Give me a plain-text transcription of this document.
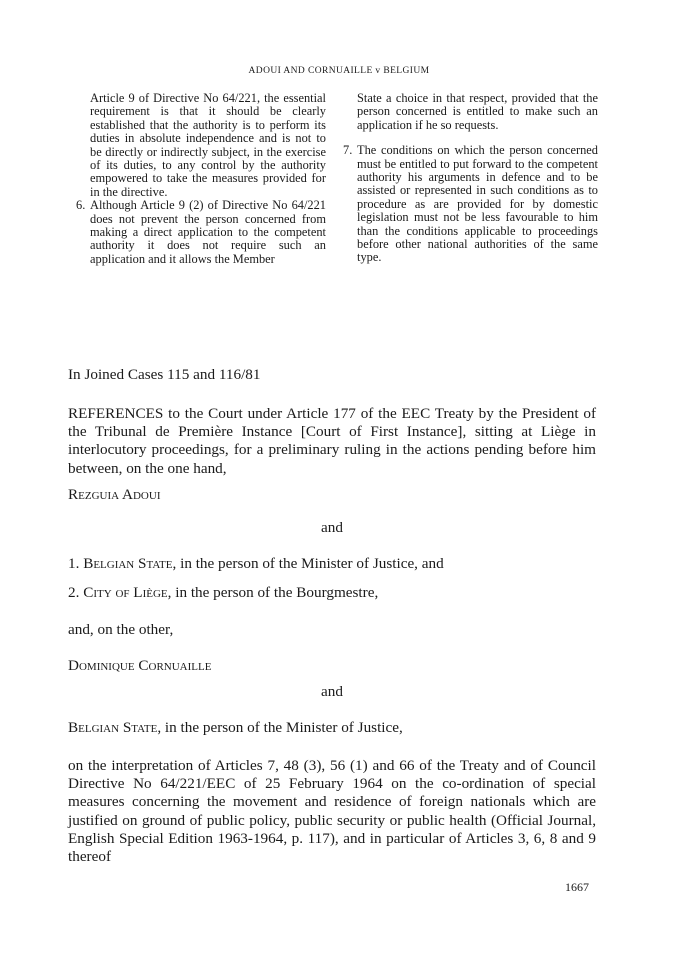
ADOUI AND CORNUAILLE v BELGIUM

Article 9 of Directive No 64/221, the essential requirement is that it should be clearly established that the authority is to perform its duties in absolute independence and is not to be directly or indirectly subject, in the exercise of its duties, to any control by the authority empowered to take the measures provided for in the directive.

6. Although Article 9 (2) of Directive No 64/221 does not prevent the person concerned from making a direct application to the competent authority it does not require such an application and it allows the Member

State a choice in that respect, provided that the person concerned is entitled to make such an application if he so requests.

7. The conditions on which the person concerned must be entitled to put forward to the competent authority his arguments in defence and to be assisted or represented in such conditions as to procedure as are provided for by domestic legislation must not be less favourable to him than the conditions applicable to proceedings before other national authorities of the same type.

In Joined Cases 115 and 116/81

REFERENCES to the Court under Article 177 of the EEC Treaty by the President of the Tribunal de Première Instance [Court of First Instance], sitting at Liège in interlocutory proceedings, for a preliminary ruling in the actions pending before him between, on the one hand,

Rezguia Adoui
and
1. Belgian State, in the person of the Minister of Justice, and
2. City of Liège, in the person of the Bourgmestre,
and, on the other,
Dominique Cornuaille
and
Belgian State, in the person of the Minister of Justice,

on the interpretation of Articles 7, 48 (3), 56 (1) and 66 of the Treaty and of Council Directive No 64/221/EEC of 25 February 1964 on the co-ordination of special measures concerning the movement and residence of foreign nationals which are justified on ground of public policy, public security or public health (Official Journal, English Special Edition 1963-1964, p. 117), and in particular of Articles 3, 6, 8 and 9 thereof

1667
